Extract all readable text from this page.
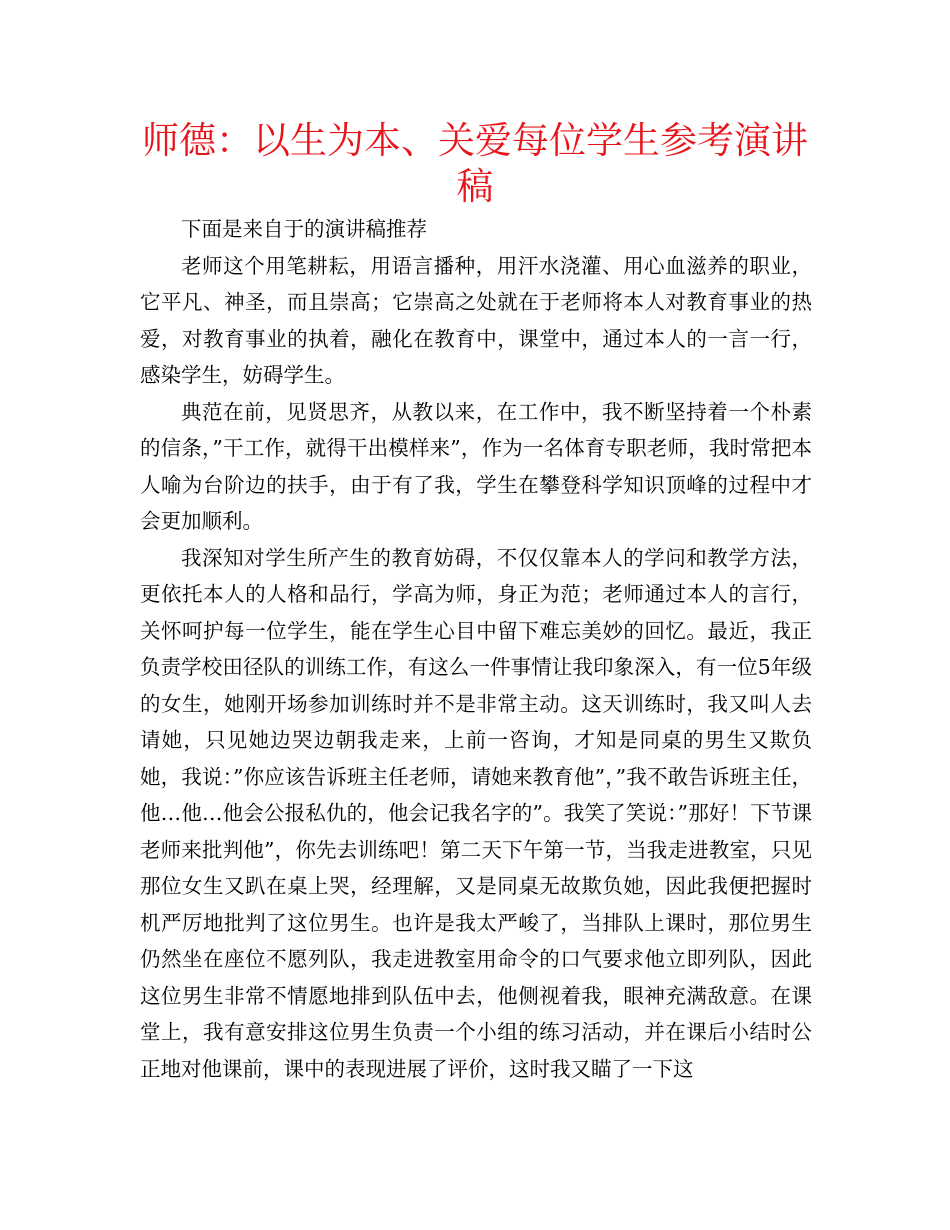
师德：以生为本、关爱每位学生参考演讲稿

下面是来自于的演讲稿推荐

老师这个用笔耕耘，用语言播种，用汗水浇灌、用心血滋养的职业，它平凡、神圣，而且崇高；它崇高之处就在于老师将本人对教育事业的热爱，对教育事业的执着，融化在教育中，课堂中，通过本人的一言一行，感染学生，妨碍学生。

典范在前，见贤思齐，从教以来，在工作中，我不断坚持着一个朴素的信条，”干工作，就得干出模样来”，作为一名体育专职老师，我时常把本人喻为台阶边的扶手，由于有了我，学生在攀登科学知识顶峰的过程中才会更加顺利。

我深知对学生所产生的教育妨碍，不仅仅靠本人的学问和教学方法，更依托本人的人格和品行，学高为师，身正为范；老师通过本人的言行，关怀呵护每一位学生，能在学生心目中留下难忘美妙的回忆。最近，我正负责学校田径队的训练工作，有这么一件事情让我印象深入，有一位5年级的女生，她刚开场参加训练时并不是非常主动。这天训练时，我又叫人去请她，只见她边哭边朝我走来，上前一咨询，才知是同桌的男生又欺负她，我说：”你应该告诉班主任老师，请她来教育他”，”我不敢告诉班主任，他…他…他会公报私仇的，他会记我名字的”。我笑了笑说：”那好！下节课老师来批判他”，你先去训练吧！第二天下午第一节，当我走进教室，只见那位女生又趴在桌上哭，经理解，又是同桌无故欺负她，因此我便把握时机严厉地批判了这位男生。也许是我太严峻了，当排队上课时，那位男生仍然坐在座位不愿列队，我走进教室用命令的口气要求他立即列队，因此这位男生非常不情愿地排到队伍中去，他侧视着我，眼神充满敌意。在课堂上，我有意安排这位男生负责一个小组的练习活动，并在课后小结时公正地对他课前，课中的表现进展了评价，这时我又瞄了一下这
